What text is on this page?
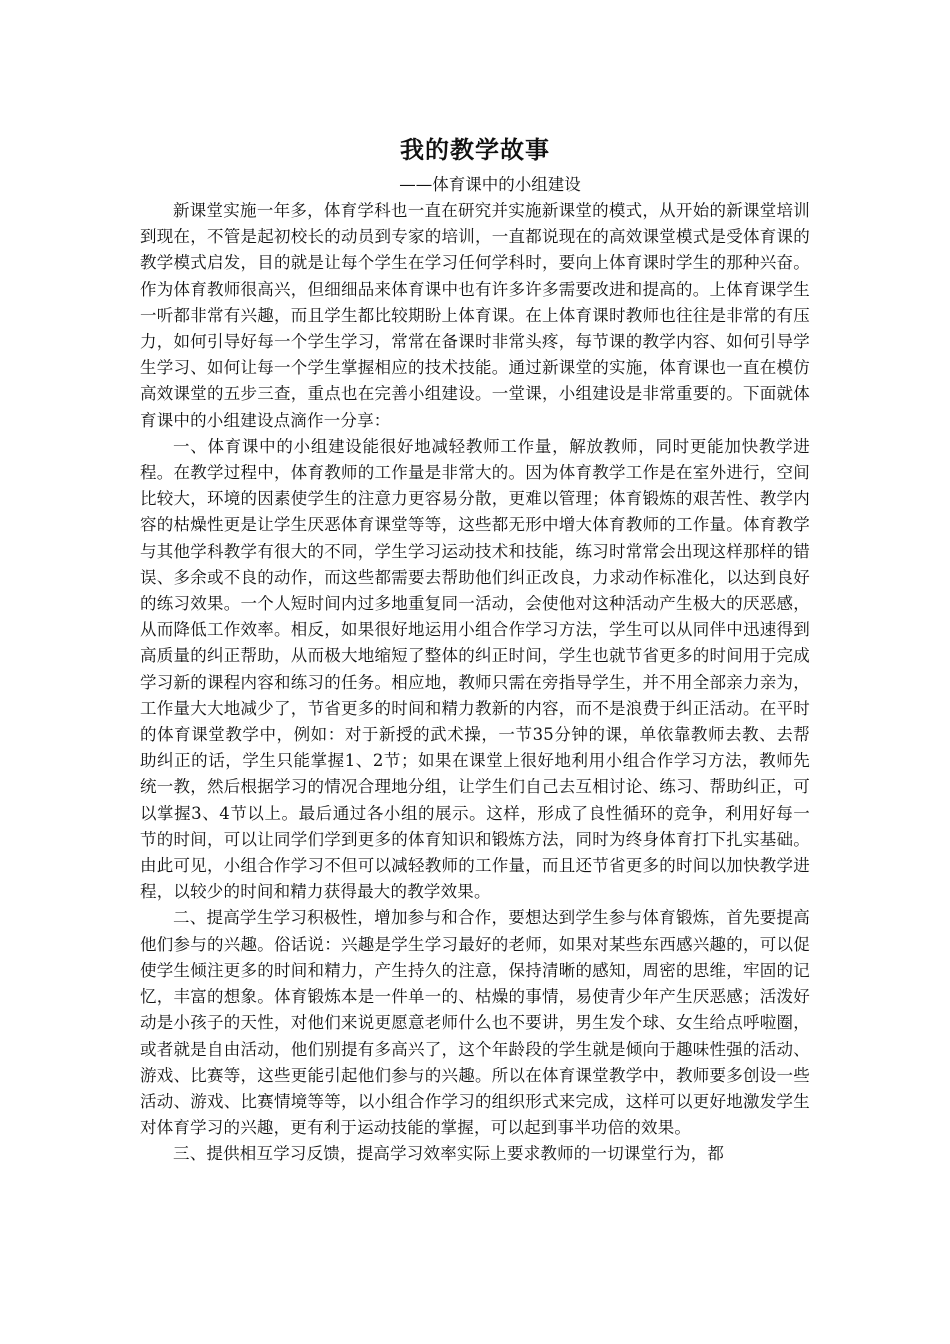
我的教学故事
——体育课中的小组建设

新课堂实施一年多，体育学科也一直在研究并实施新课堂的模式，从开始的新课堂培训到现在，不管是起初校长的动员到专家的培训，一直都说现在的高效课堂模式是受体育课的教学模式启发，目的就是让每个学生在学习任何学科时，要向上体育课时学生的那种兴奋。作为体育教师很高兴，但细细品来体育课中也有许多许多需要改进和提高的。上体育课学生一听都非常有兴趣，而且学生都比较期盼上体育课。在上体育课时教师也往往是非常的有压力，如何引导好每一个学生学习，常常在备课时非常头疼，每节课的教学内容、如何引导学生学习、如何让每一个学生掌握相应的技术技能。通过新课堂的实施，体育课也一直在模仿高效课堂的五步三查，重点也在完善小组建设。一堂课，小组建设是非常重要的。下面就体育课中的小组建设点滴作一分享：

一、体育课中的小组建设能很好地减轻教师工作量，解放教师，同时更能加快教学进程。在教学过程中，体育教师的工作量是非常大的。因为体育教学工作是在室外进行，空间比较大，环境的因素使学生的注意力更容易分散，更难以管理；体育锻炼的艰苦性、教学内容的枯燥性更是让学生厌恶体育课堂等等，这些都无形中增大体育教师的工作量。体育教学与其他学科教学有很大的不同，学生学习运动技术和技能，练习时常常会出现这样那样的错误、多余或不良的动作，而这些都需要去帮助他们纠正改良，力求动作标准化，以达到良好的练习效果。一个人短时间内过多地重复同一活动，会使他对这种活动产生极大的厌恶感，从而降低工作效率。相反，如果很好地运用小组合作学习方法，学生可以从同伴中迅速得到高质量的纠正帮助，从而极大地缩短了整体的纠正时间，学生也就节省更多的时间用于完成学习新的课程内容和练习的任务。相应地，教师只需在旁指导学生，并不用全部亲力亲为，工作量大大地减少了，节省更多的时间和精力教新的内容，而不是浪费于纠正活动。在平时的体育课堂教学中，例如：对于新授的武术操，一节35分钟的课，单依靠教师去教、去帮助纠正的话，学生只能掌握1、2节；如果在课堂上很好地利用小组合作学习方法，教师先统一教，然后根据学习的情况合理地分组，让学生们自己去互相讨论、练习、帮助纠正，可以掌握3、4节以上。最后通过各小组的展示。这样，形成了良性循环的竞争，利用好每一节的时间，可以让同学们学到更多的体育知识和锻炼方法，同时为终身体育打下扎实基础。由此可见，小组合作学习不但可以减轻教师的工作量，而且还节省更多的时间以加快教学进程，以较少的时间和精力获得最大的教学效果。

二、提高学生学习积极性，增加参与和合作，要想达到学生参与体育锻炼，首先要提高他们参与的兴趣。俗话说：兴趣是学生学习最好的老师，如果对某些东西感兴趣的，可以促使学生倾注更多的时间和精力，产生持久的注意，保持清晰的感知，周密的思维，牢固的记忆，丰富的想象。体育锻炼本是一件单一的、枯燥的事情，易使青少年产生厌恶感；活泼好动是小孩子的天性，对他们来说更愿意老师什么也不要讲，男生发个球、女生给点呼啦圈，或者就是自由活动，他们别提有多高兴了，这个年龄段的学生就是倾向于趣味性强的活动、游戏、比赛等，这些更能引起他们参与的兴趣。所以在体育课堂教学中，教师要多创设一些活动、游戏、比赛情境等等，以小组合作学习的组织形式来完成，这样可以更好地激发学生对体育学习的兴趣，更有利于运动技能的掌握，可以起到事半功倍的效果。

三、提供相互学习反馈，提高学习效率实际上要求教师的一切课堂行为，都
